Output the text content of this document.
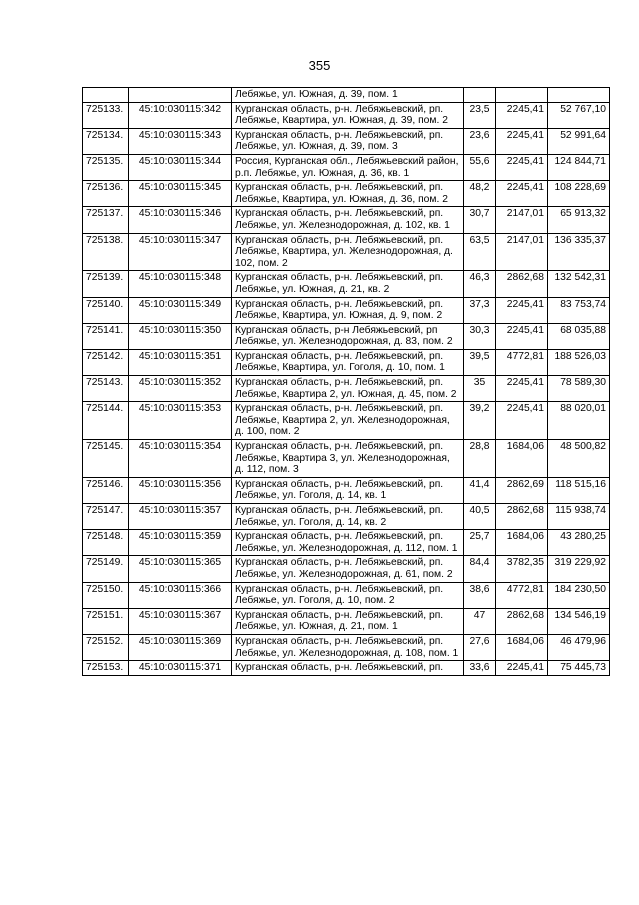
355
		Лебяжье, ул. Южная, д. 39, пом. 1			
725133.	45:10:030115:342	Курганская область, р-н. Лебяжьевский, рп. Лебяжье, Квартира, ул. Южная, д. 39, пом. 2	23,5	2245,41	52 767,10
725134.	45:10:030115:343	Курганская область, р-н. Лебяжьевский, рп. Лебяжье, ул. Южная, д. 39, пом. 3	23,6	2245,41	52 991,64
725135.	45:10:030115:344	Россия, Курганская обл., Лебяжьевский район, р.п. Лебяжье, ул. Южная, д. 36, кв. 1	55,6	2245,41	124 844,71
725136.	45:10:030115:345	Курганская область, р-н. Лебяжьевский, рп. Лебяжье, Квартира, ул. Южная, д. 36, пом. 2	48,2	2245,41	108 228,69
725137.	45:10:030115:346	Курганская область, р-н. Лебяжьевский, рп. Лебяжье, ул. Железнодорожная, д. 102, кв. 1	30,7	2147,01	65 913,32
725138.	45:10:030115:347	Курганская область, р-н. Лебяжьевский, рп. Лебяжье, Квартира, ул. Железнодорожная, д. 102, пом. 2	63,5	2147,01	136 335,37
725139.	45:10:030115:348	Курганская область, р-н. Лебяжьевский, рп. Лебяжье, ул. Южная, д. 21, кв. 2	46,3	2862,68	132 542,31
725140.	45:10:030115:349	Курганская область, р-н. Лебяжьевский, рп. Лебяжье, Квартира, ул. Южная, д. 9, пом. 2	37,3	2245,41	83 753,74
725141.	45:10:030115:350	Курганская область, р-н Лебяжьевский, рп Лебяжье, ул. Железнодорожная, д. 83, пом. 2	30,3	2245,41	68 035,88
725142.	45:10:030115:351	Курганская область, р-н. Лебяжьевский, рп. Лебяжье, Квартира, ул. Гоголя, д. 10, пом. 1	39,5	4772,81	188 526,03
725143.	45:10:030115:352	Курганская область, р-н. Лебяжьевский, рп. Лебяжье, Квартира 2, ул. Южная, д. 45, пом. 2	35	2245,41	78 589,30
725144.	45:10:030115:353	Курганская область, р-н. Лебяжьевский, рп. Лебяжье, Квартира 2, ул. Железнодорожная, д. 100, пом. 2	39,2	2245,41	88 020,01
725145.	45:10:030115:354	Курганская область, р-н. Лебяжьевский, рп. Лебяжье, Квартира 3, ул. Железнодорожная, д. 112, пом. 3	28,8	1684,06	48 500,82
725146.	45:10:030115:356	Курганская область, р-н. Лебяжьевский, рп. Лебяжье, ул. Гоголя, д. 14, кв. 1	41,4	2862,69	118 515,16
725147.	45:10:030115:357	Курганская область, р-н. Лебяжьевский, рп. Лебяжье, ул. Гоголя, д. 14, кв. 2	40,5	2862,68	115 938,74
725148.	45:10:030115:359	Курганская область, р-н. Лебяжьевский, рп. Лебяжье, ул. Железнодорожная, д. 112, пом. 1	25,7	1684,06	43 280,25
725149.	45:10:030115:365	Курганская область, р-н. Лебяжьевский, рп. Лебяжье, ул. Железнодорожная, д. 61, пом. 2	84,4	3782,35	319 229,92
725150.	45:10:030115:366	Курганская область, р-н. Лебяжьевский, рп. Лебяжье, ул. Гоголя, д. 10, пом. 2	38,6	4772,81	184 230,50
725151.	45:10:030115:367	Курганская область, р-н. Лебяжьевский, рп. Лебяжье, ул. Южная, д. 21, пом. 1	47	2862,68	134 546,19
725152.	45:10:030115:369	Курганская область, р-н. Лебяжьевский, рп. Лебяжье, ул. Железнодорожная, д. 108, пом. 1	27,6	1684,06	46 479,96
725153.	45:10:030115:371	Курганская область, р-н. Лебяжьевский, рп.	33,6	2245,41	75 445,73
